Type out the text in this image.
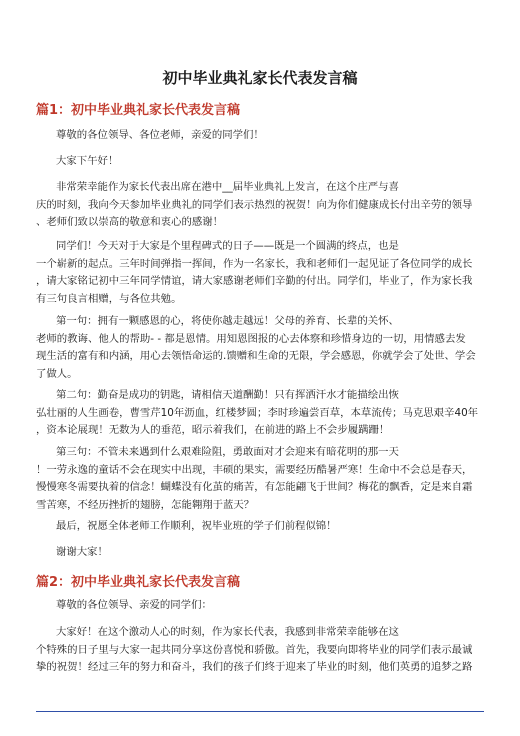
初中毕业典礼家长代表发言稿
篇1：初中毕业典礼家长代表发言稿

尊敬的各位领导、各位老师，亲爱的同学们！

大家下午好！

非常荣幸能作为家长代表出席在港中__届毕业典礼上发言，在这个庄严与喜
庆的时刻，我向今天参加毕业典礼的同学们表示热烈的祝贺！向为你们健康成长付出辛劳的领导
、老师们致以崇高的敬意和衷心的感谢！

同学们！今天对于大家是个里程碑式的日子——既是一个圆满的终点，也是
一个崭新的起点。三年时间弹指一挥间，作为一名家长，我和老师们一起见证了各位同学的成长
，请大家铭记初中三年同学情谊，请大家感谢老师们辛勤的付出。同学们，毕业了，作为家长我
有三句良言相赠，与各位共勉。

第一句：拥有一颗感恩的心，将使你越走越远！父母的养育、长辈的关怀、
老师的教诲、他人的帮助- - 都是恩情。用知恩图报的心去体察和珍惜身边的一切，用情感去发
现生活的富有和内涵，用心去领悟命运的.馈赠和生命的无限，学会感恩，你就学会了处世、学会
了做人。

第二句：勤奋是成功的钥匙，请相信天道酬勤！只有挥洒汗水才能描绘出恢
弘壮丽的人生画卷，曹雪芹10年沥血，红楼梦圆；李时珍遍尝百草，本草流传；马克思艰辛40年
，资本论展现！无数为人的垂范，昭示着我们，在前进的路上不会步履蹒跚！

第三句：不管未来遇到什么艰难险阻，勇敢面对才会迎来有暗花明的那一天
！一劳永逸的童话不会在现实中出现，丰硕的果实，需要经历酷暑严寒！生命中不会总是春天，
慢慢寒冬需要执着的信念！蝴蝶没有化茧的痛苦，有怎能翩飞于世间？梅花的飘香，定是来自霜
雪苦寒，不经历挫折的翅膀，怎能翱翔于蓝天？

最后，祝愿全体老师工作顺利，祝毕业班的学子们前程似锦！

谢谢大家！

篇2：初中毕业典礼家长代表发言稿

尊敬的各位领导、亲爱的同学们：

大家好！在这个激动人心的时刻，作为家长代表，我感到非常荣幸能够在这
个特殊的日子里与大家一起共同分享这份喜悦和骄傲。首先，我要向即将毕业的同学们表示最诚
挚的祝贺！经过三年的努力和奋斗，我们的孩子们终于迎来了毕业的时刻，他们英勇的追梦之路
